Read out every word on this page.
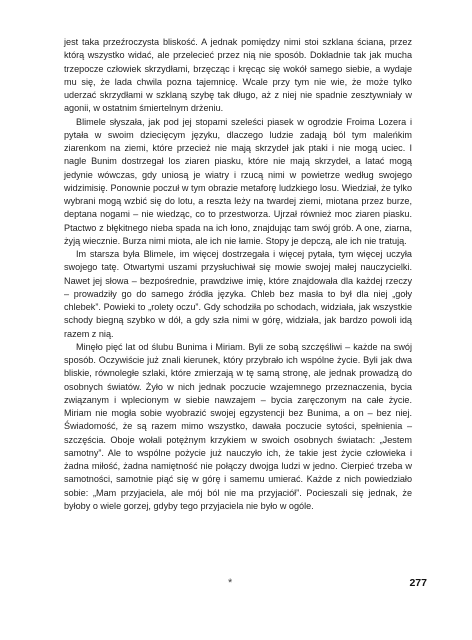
jest taka przeźroczysta bliskość. A jednak pomiędzy nimi stoi szklana ściana, przez którą wszystko widać, ale przelecieć przez nią nie sposób. Dokładnie tak jak mucha trzepocze człowiek skrzydłami, brzęcząc i kręcąc się wokół samego siebie, a wydaje mu się, że lada chwila pozna tajemnicę. Wcale przy tym nie wie, że może tylko uderzać skrzydłami w szklaną szybę tak długo, aż z niej nie spadnie zesztywniały w agonii, w ostatnim śmiertelnym drżeniu.

Blimele słyszała, jak pod jej stopami szeleści piasek w ogrodzie Froima Lozera i pytała w swoim dziecięcym języku, dlaczego ludzie zadają ból tym maleńkim ziarenkom na ziemi, które przecież nie mają skrzydeł jak ptaki i nie mogą uciec. I nagle Bunim dostrzegał los ziaren piasku, które nie mają skrzydeł, a latać mogą jedynie wówczas, gdy uniosą je wiatry i rzucą nimi w powietrze według swojego widzimisię. Ponownie poczuł w tym obrazie metaforę ludzkiego losu. Wiedział, że tylko wybrani mogą wzbić się do lotu, a reszta leży na twardej ziemi, miotana przez burze, deptana nogami – nie wiedząc, co to przestworza. Ujrzał również moc ziaren piasku. Ptactwo z błękitnego nieba spada na ich łono, znajdując tam swój grób. A one, ziarna, żyją wiecznie. Burza nimi miota, ale ich nie łamie. Stopy je depczą, ale ich nie tratują.

Im starsza była Blimele, im więcej dostrzegała i więcej pytała, tym więcej uczyła swojego tatę. Otwartymi uszami przysłuchiwał się mowie swojej małej nauczycielki. Nawet jej słowa – bezpośrednie, prawdziwe imię, które znajdowała dla każdej rzeczy – prowadziły go do samego źródła języka. Chleb bez masła to był dla niej „goły chlebek”. Powieki to „rolety oczu”. Gdy schodziła po schodach, widziała, jak wszystkie schody biegną szybko w dół, a gdy szła nimi w górę, widziała, jak bardzo powoli idą razem z nią.

Minęło pięć lat od ślubu Bunima i Miriam. Byli ze sobą szczęśliwi – każde na swój sposób. Oczywiście już znali kierunek, który przybrało ich wspólne życie. Byli jak dwa bliskie, równoległe szlaki, które zmierzają w tę samą stronę, ale jednak prowadzą do osobnych światów. Żyło w nich jednak poczucie wzajemnego przeznaczenia, bycia związanym i wplecionym w siebie nawzajem – bycia zaręczonym na całe życie. Miriam nie mogła sobie wyobrazić swojej egzystencji bez Bunima, a on – bez niej. Świadomość, że są razem mimo wszystko, dawała poczucie sytości, spełnienia – szczęścia. Oboje wołali potężnym krzykiem w swoich osobnych światach: „Jestem samotny”. Ale to wspólne pożycie już nauczyło ich, że takie jest życie człowieka i żadna miłość, żadna namiętność nie połączy dwojga ludzi w jedno. Cierpieć trzeba w samotności, samotnie piąć się w górę i samemu umierać. Każde z nich powiedziało sobie: „Mam przyjaciela, ale mój ból nie ma przyjaciół”. Pocieszali się jednak, że byłoby o wiele gorzej, gdyby tego przyjaciela nie było w ogóle.

*	277
